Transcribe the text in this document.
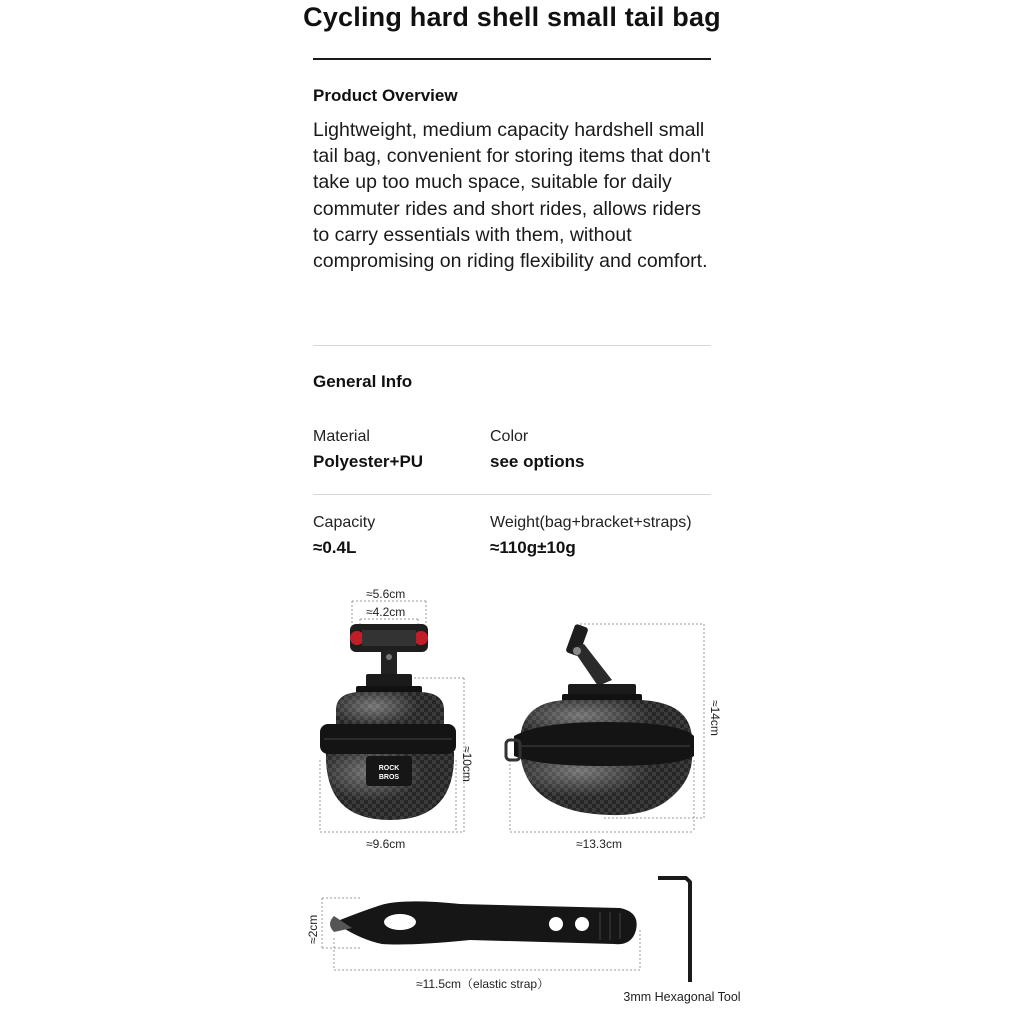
Cycling hard shell small tail bag
Product Overview
Lightweight, medium capacity hardshell small tail bag, convenient for storing items that don't take up too much space, suitable for daily commuter rides and short rides, allows riders to carry essentials with them, without compromising on riding flexibility and comfort.
General Info
Material
Polyester+PU
Color
see options
Capacity
≈0.4L
Weight(bag+bracket+straps)
≈110g±10g
ROCK
BROS
≈5.6cm
≈4.2cm
≈10cm
≈9.6cm
≈14cm
≈13.3cm
≈2cm
≈11.5cm（elastic strap）
3mm Hexagonal Tool
